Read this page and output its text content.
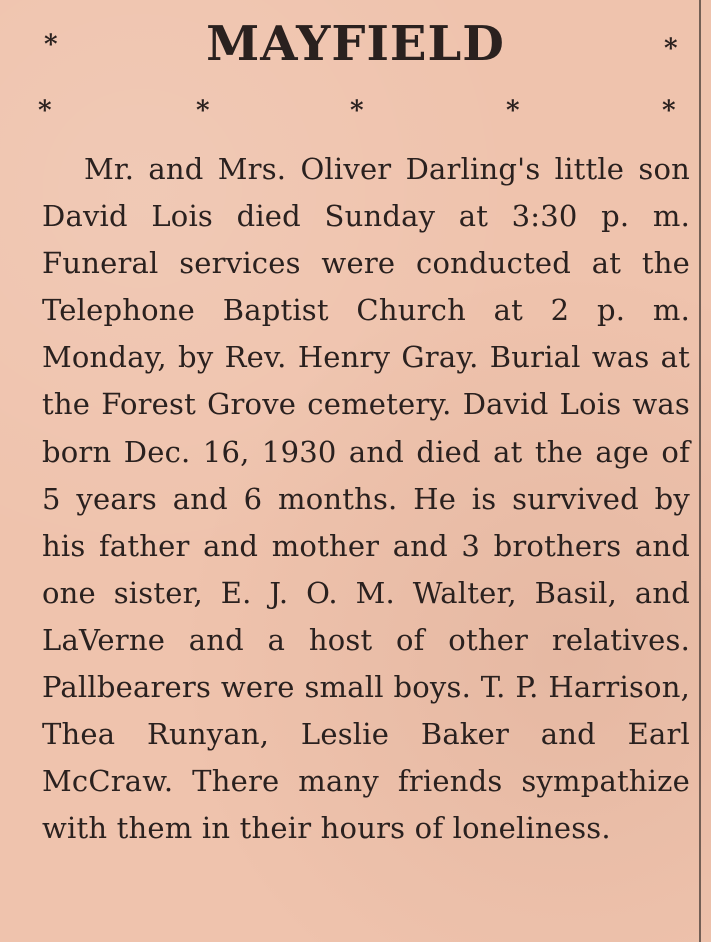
*	MAYFIELD	*
*	*	*	*	*

Mr. and Mrs. Oliver Darling's little son David Lois died Sunday at 3:30 p. m. Funeral services were conducted at the Telephone Baptist Church at 2 p. m. Monday, by Rev. Henry Gray. Burial was at the Forest Grove cemetery. David Lois was born Dec. 16, 1930 and died at the age of 5 years and 6 months. He is survived by his father and mother and 3 brothers and one sister, E. J. O. M. Walter, Basil, and LaVerne and a host of other relatives. Pallbearers were small boys. T. P. Harrison, Thea Runyan, Leslie Baker and Earl McCraw. There many friends sympathize with them in their hours of loneliness.
